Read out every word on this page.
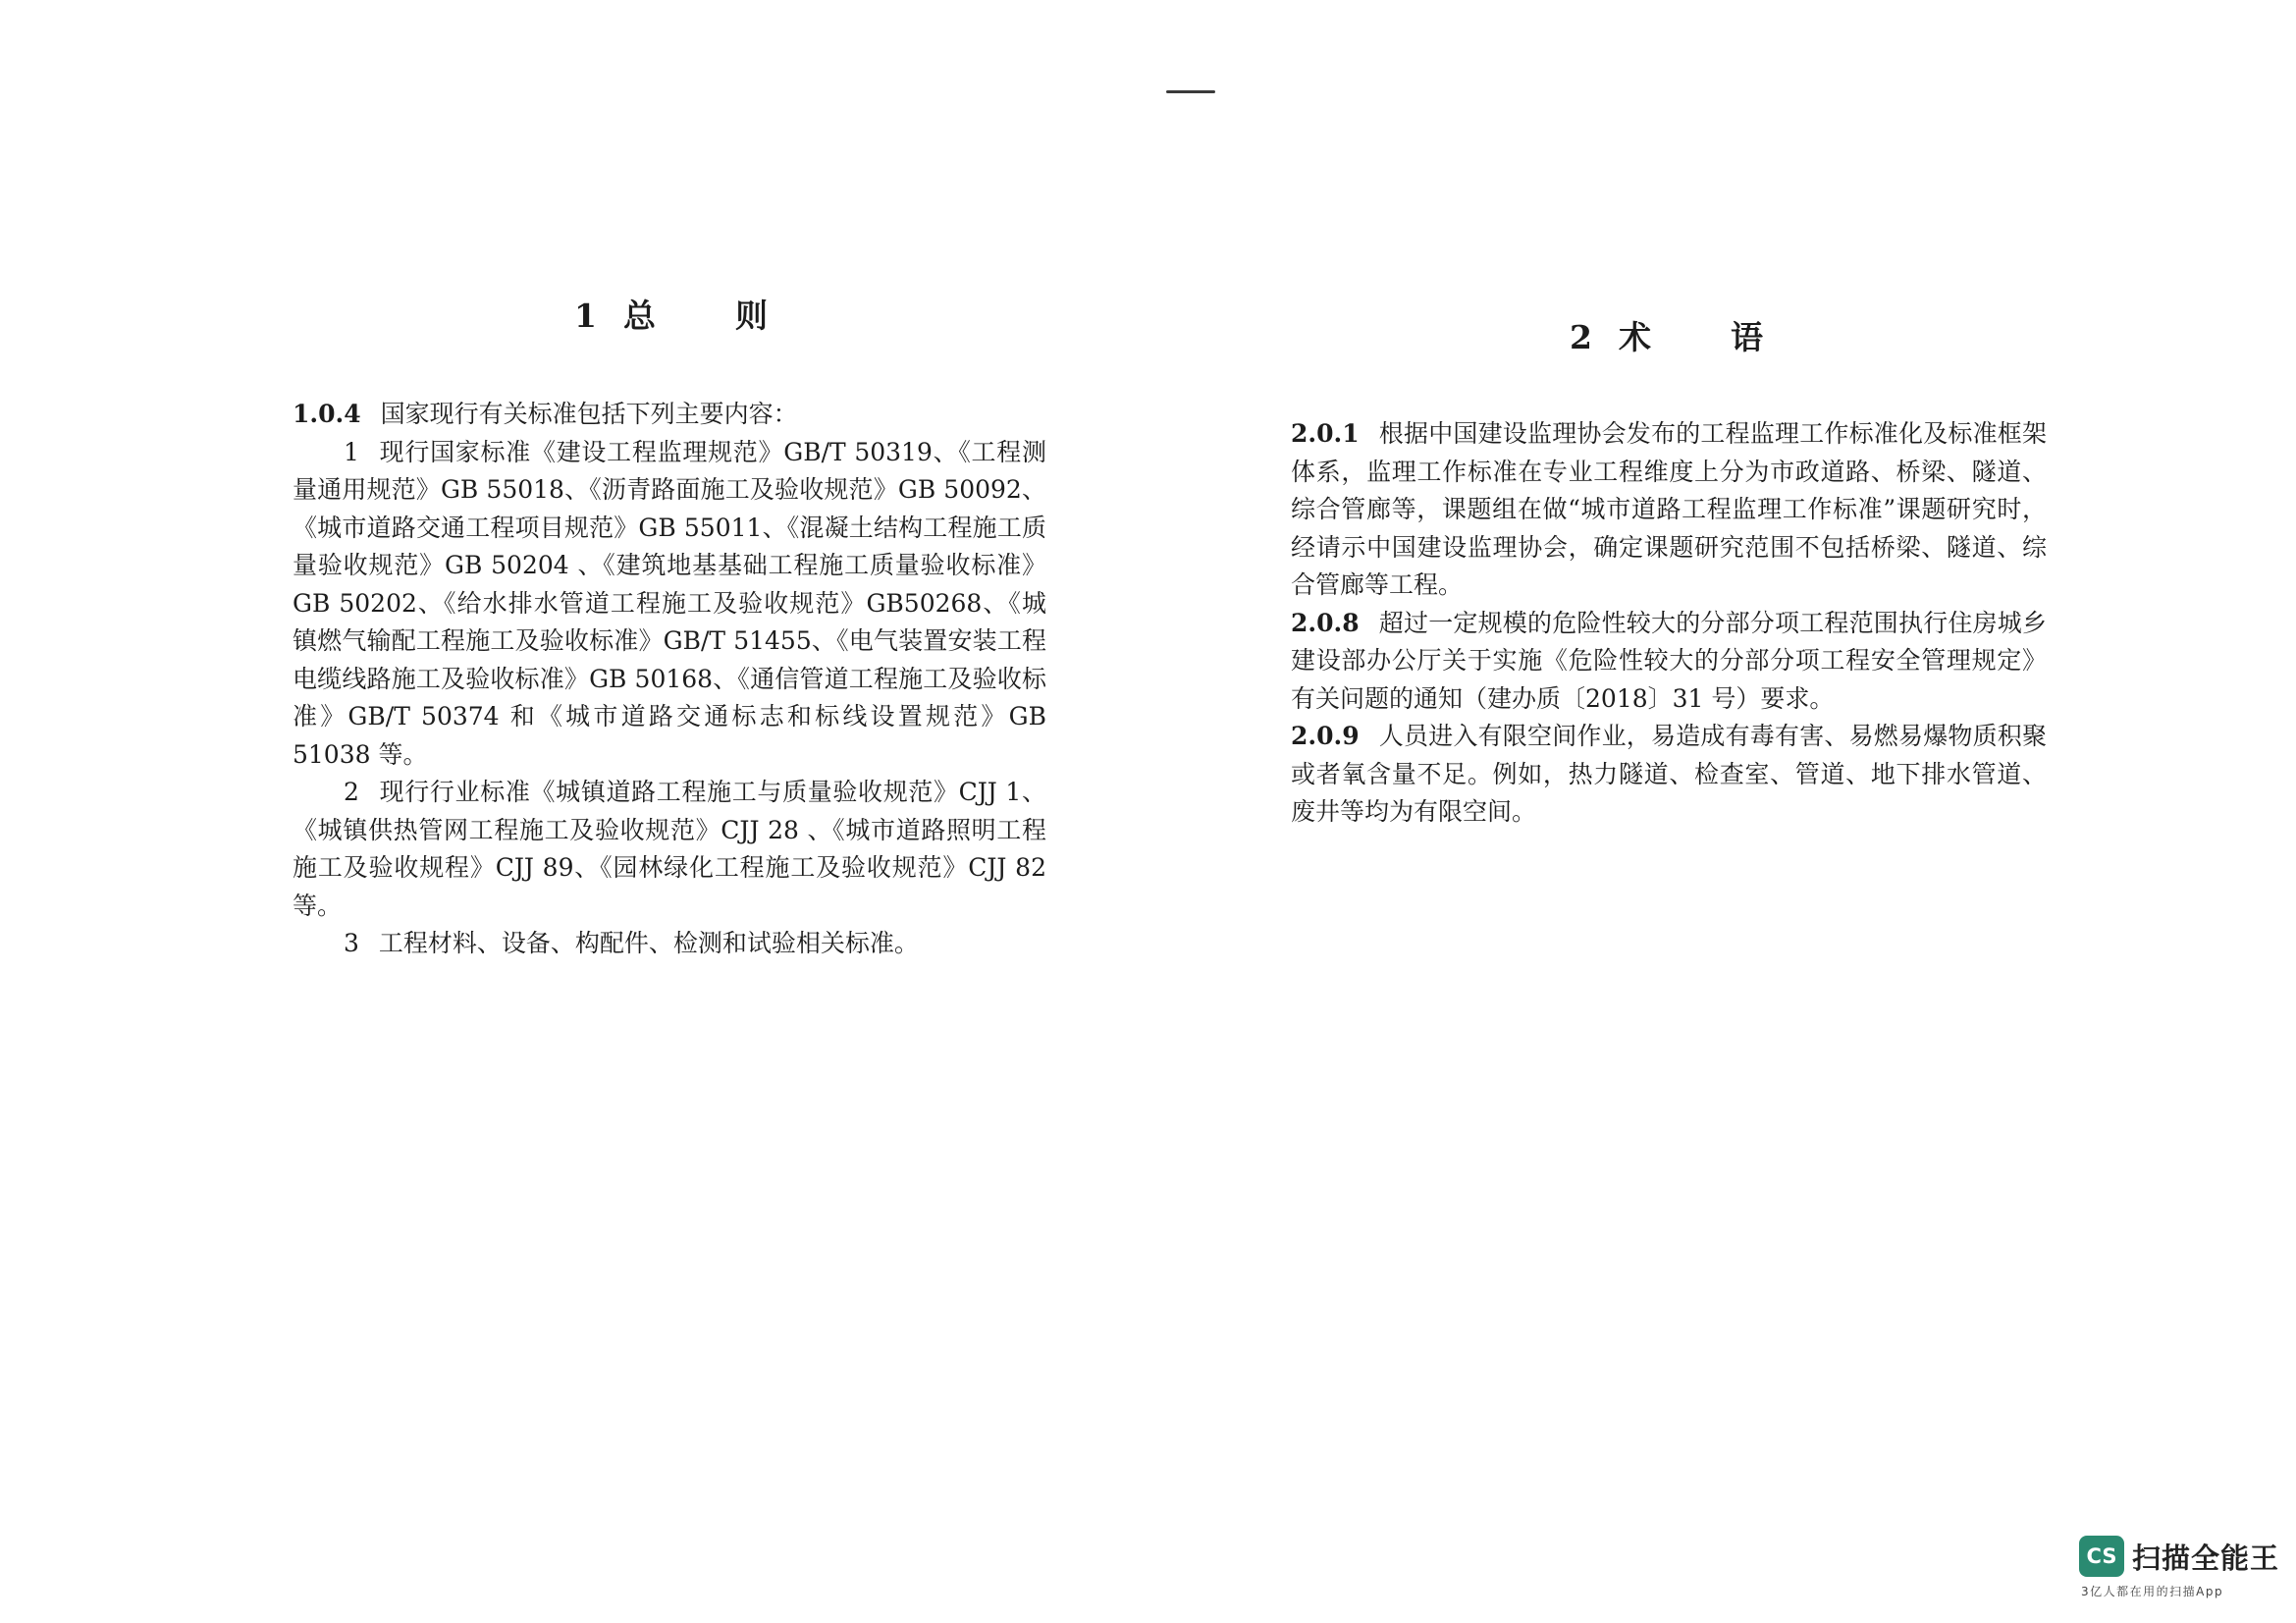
1 总 则

1.0.4 国家现行有关标准包括下列主要内容：

1 现行国家标准《建设工程监理规范》GB/T 50319、《工程测量通用规范》GB 55018、《沥青路面施工及验收规范》GB 50092、《城市道路交通工程项目规范》GB 55011、《混凝土结构工程施工质量验收规范》GB 50204 、《建筑地基基础工程施工质量验收标准》GB 50202、《给水排水管道工程施工及验收规范》GB50268、《城镇燃气输配工程施工及验收标准》GB/T 51455、《电气装置安装工程电缆线路施工及验收标准》GB 50168、《通信管道工程施工及验收标准》GB/T 50374 和《城市道路交通标志和标线设置规范》GB 51038 等。

2 现行行业标准《城镇道路工程施工与质量验收规范》CJJ 1、《城镇供热管网工程施工及验收规范》CJJ 28 、《城市道路照明工程施工及验收规程》CJJ 89、《园林绿化工程施工及验收规范》CJJ 82 等。

3 工程材料、设备、构配件、检测和试验相关标准。

2 术 语

2.0.1 根据中国建设监理协会发布的工程监理工作标准化及标准框架体系，监理工作标准在专业工程维度上分为市政道路、桥梁、隧道、综合管廊等，课题组在做“城市道路工程监理工作标准”课题研究时，经请示中国建设监理协会，确定课题研究范围不包括桥梁、隧道、综合管廊等工程。

2.0.8 超过一定规模的危险性较大的分部分项工程范围执行住房城乡建设部办公厅关于实施《危险性较大的分部分项工程安全管理规定》有关问题的通知（建办质〔2018〕31 号）要求。

2.0.9 人员进入有限空间作业，易造成有毒有害、易燃易爆物质积聚或者氧含量不足。例如，热力隧道、检查室、管道、地下排水管道、废井等均为有限空间。

CS 扫描全能王
3亿人都在用的扫描App
